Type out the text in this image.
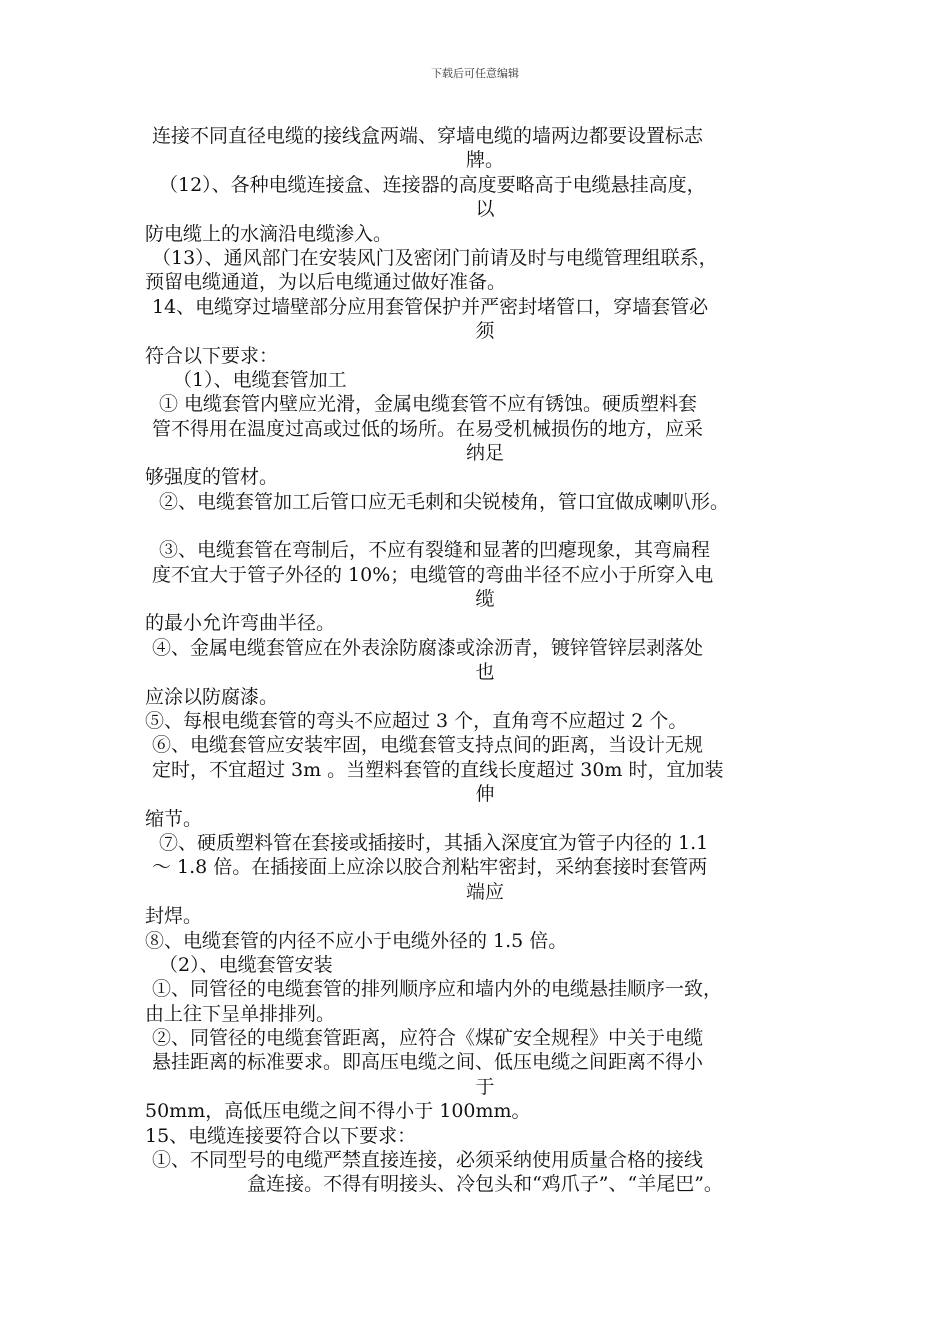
下载后可任意编辑
连接不同直径电缆的接线盒两端、穿墙电缆的墙两边都要设置标志
牌。
（12）、各种电缆连接盒、连接器的高度要略高于电缆悬挂高度，
以
防电缆上的水滴沿电缆渗入。
（13）、通风部门在安装风门及密闭门前请及时与电缆管理组联系，
预留电缆通道，为以后电缆通过做好准备。
14、电缆穿过墙壁部分应用套管保护并严密封堵管口，穿墙套管必
须
符合以下要求：
（1）、电缆套管加工
① 电缆套管内壁应光滑，金属电缆套管不应有锈蚀。硬质塑料套
管不得用在温度过高或过低的场所。在易受机械损伤的地方，应采
纳足
够强度的管材。
②、电缆套管加工后管口应无毛刺和尖锐棱角，管口宜做成喇叭形。
③、电缆套管在弯制后，不应有裂缝和显著的凹瘪现象，其弯扁程
度不宜大于管子外径的 10%；电缆管的弯曲半径不应小于所穿入电
缆
的最小允许弯曲半径。
④、金属电缆套管应在外表涂防腐漆或涂沥青，镀锌管锌层剥落处
也
应涂以防腐漆。
⑤、每根电缆套管的弯头不应超过 3 个，直角弯不应超过 2 个。
⑥、电缆套管应安装牢固，电缆套管支持点间的距离，当设计无规
定时，不宜超过 3m 。当塑料套管的直线长度超过 30m 时，宜加装
伸
缩节。
⑦、硬质塑料管在套接或插接时，其插入深度宜为管子内径的 1.1
～ 1.8 倍。在插接面上应涂以胶合剂粘牢密封，采纳套接时套管两
端应
封焊。
⑧、电缆套管的内径不应小于电缆外径的 1.5 倍。
（2）、电缆套管安装
①、同管径的电缆套管的排列顺序应和墙内外的电缆悬挂顺序一致，
由上往下呈单排排列。
②、同管径的电缆套管距离，应符合《煤矿安全规程》中关于电缆
悬挂距离的标准要求。即高压电缆之间、低压电缆之间距离不得小
于
50mm，高低压电缆之间不得小于 100mm。
15、电缆连接要符合以下要求：
①、不同型号的电缆严禁直接连接，必须采纳使用质量合格的接线
盒连接。不得有明接头、冷包头和“鸡爪子”、“羊尾巴”。
